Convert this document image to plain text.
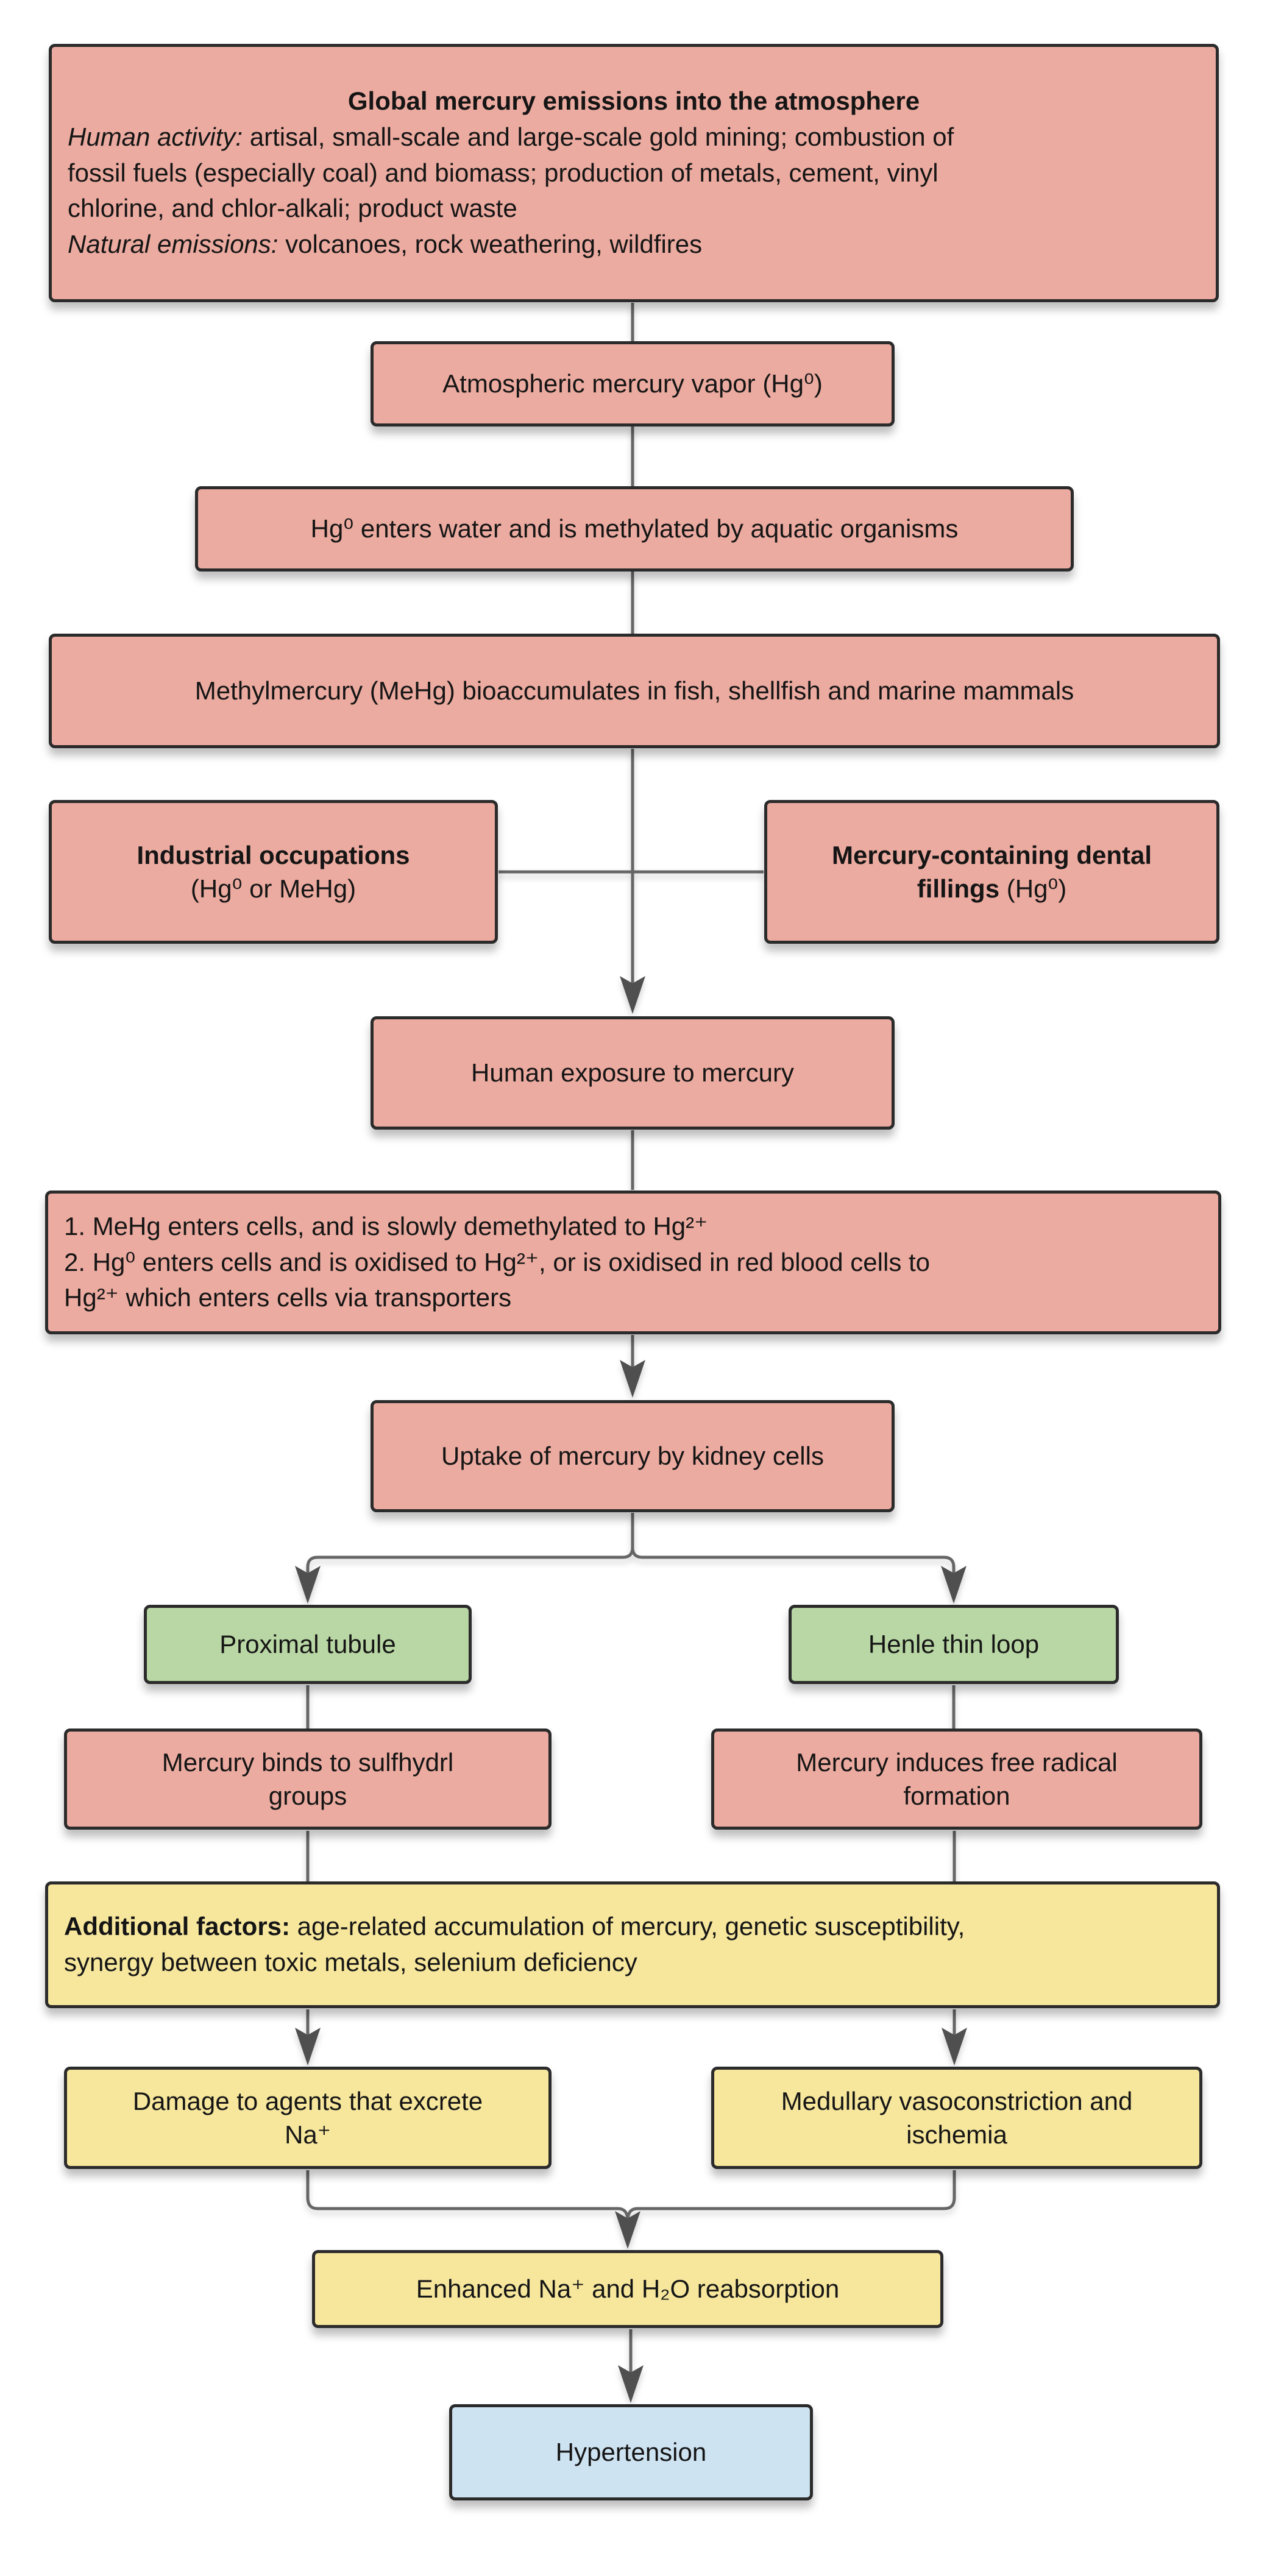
Global mercury emissions into the atmosphere
Human activity: artisal, small-scale and large-scale gold mining; combustion of
fossil fuels (especially coal) and biomass; production of metals, cement, vinyl
chlorine, and chlor-alkali; product waste
Natural emissions: volcanoes, rock weathering, wildfires
Atmospheric mercury vapor (Hg⁰)
Hg⁰ enters water and is methylated by aquatic organisms
Methylmercury (MeHg) bioaccumulates in fish, shellfish and marine mammals
Industrial occupations
(Hg⁰ or MeHg)
Mercury-containing dental
fillings (Hg⁰)
Human exposure to mercury
1. MeHg enters cells, and is slowly demethylated to Hg²⁺
2. Hg⁰ enters cells and is oxidised to Hg²⁺, or is oxidised in red blood cells to
Hg²⁺ which enters cells via transporters
Uptake of mercury by kidney cells
Proximal tubule	Henle thin loop
Mercury binds to sulfhydrl
groups
Mercury induces free radical
formation
Additional factors: age-related accumulation of mercury, genetic susceptibility,
synergy between toxic metals, selenium deficiency
Damage to agents that excrete
Na⁺
Medullary vasoconstriction and
ischemia
Enhanced Na⁺ and H₂O reabsorption
Hypertension
